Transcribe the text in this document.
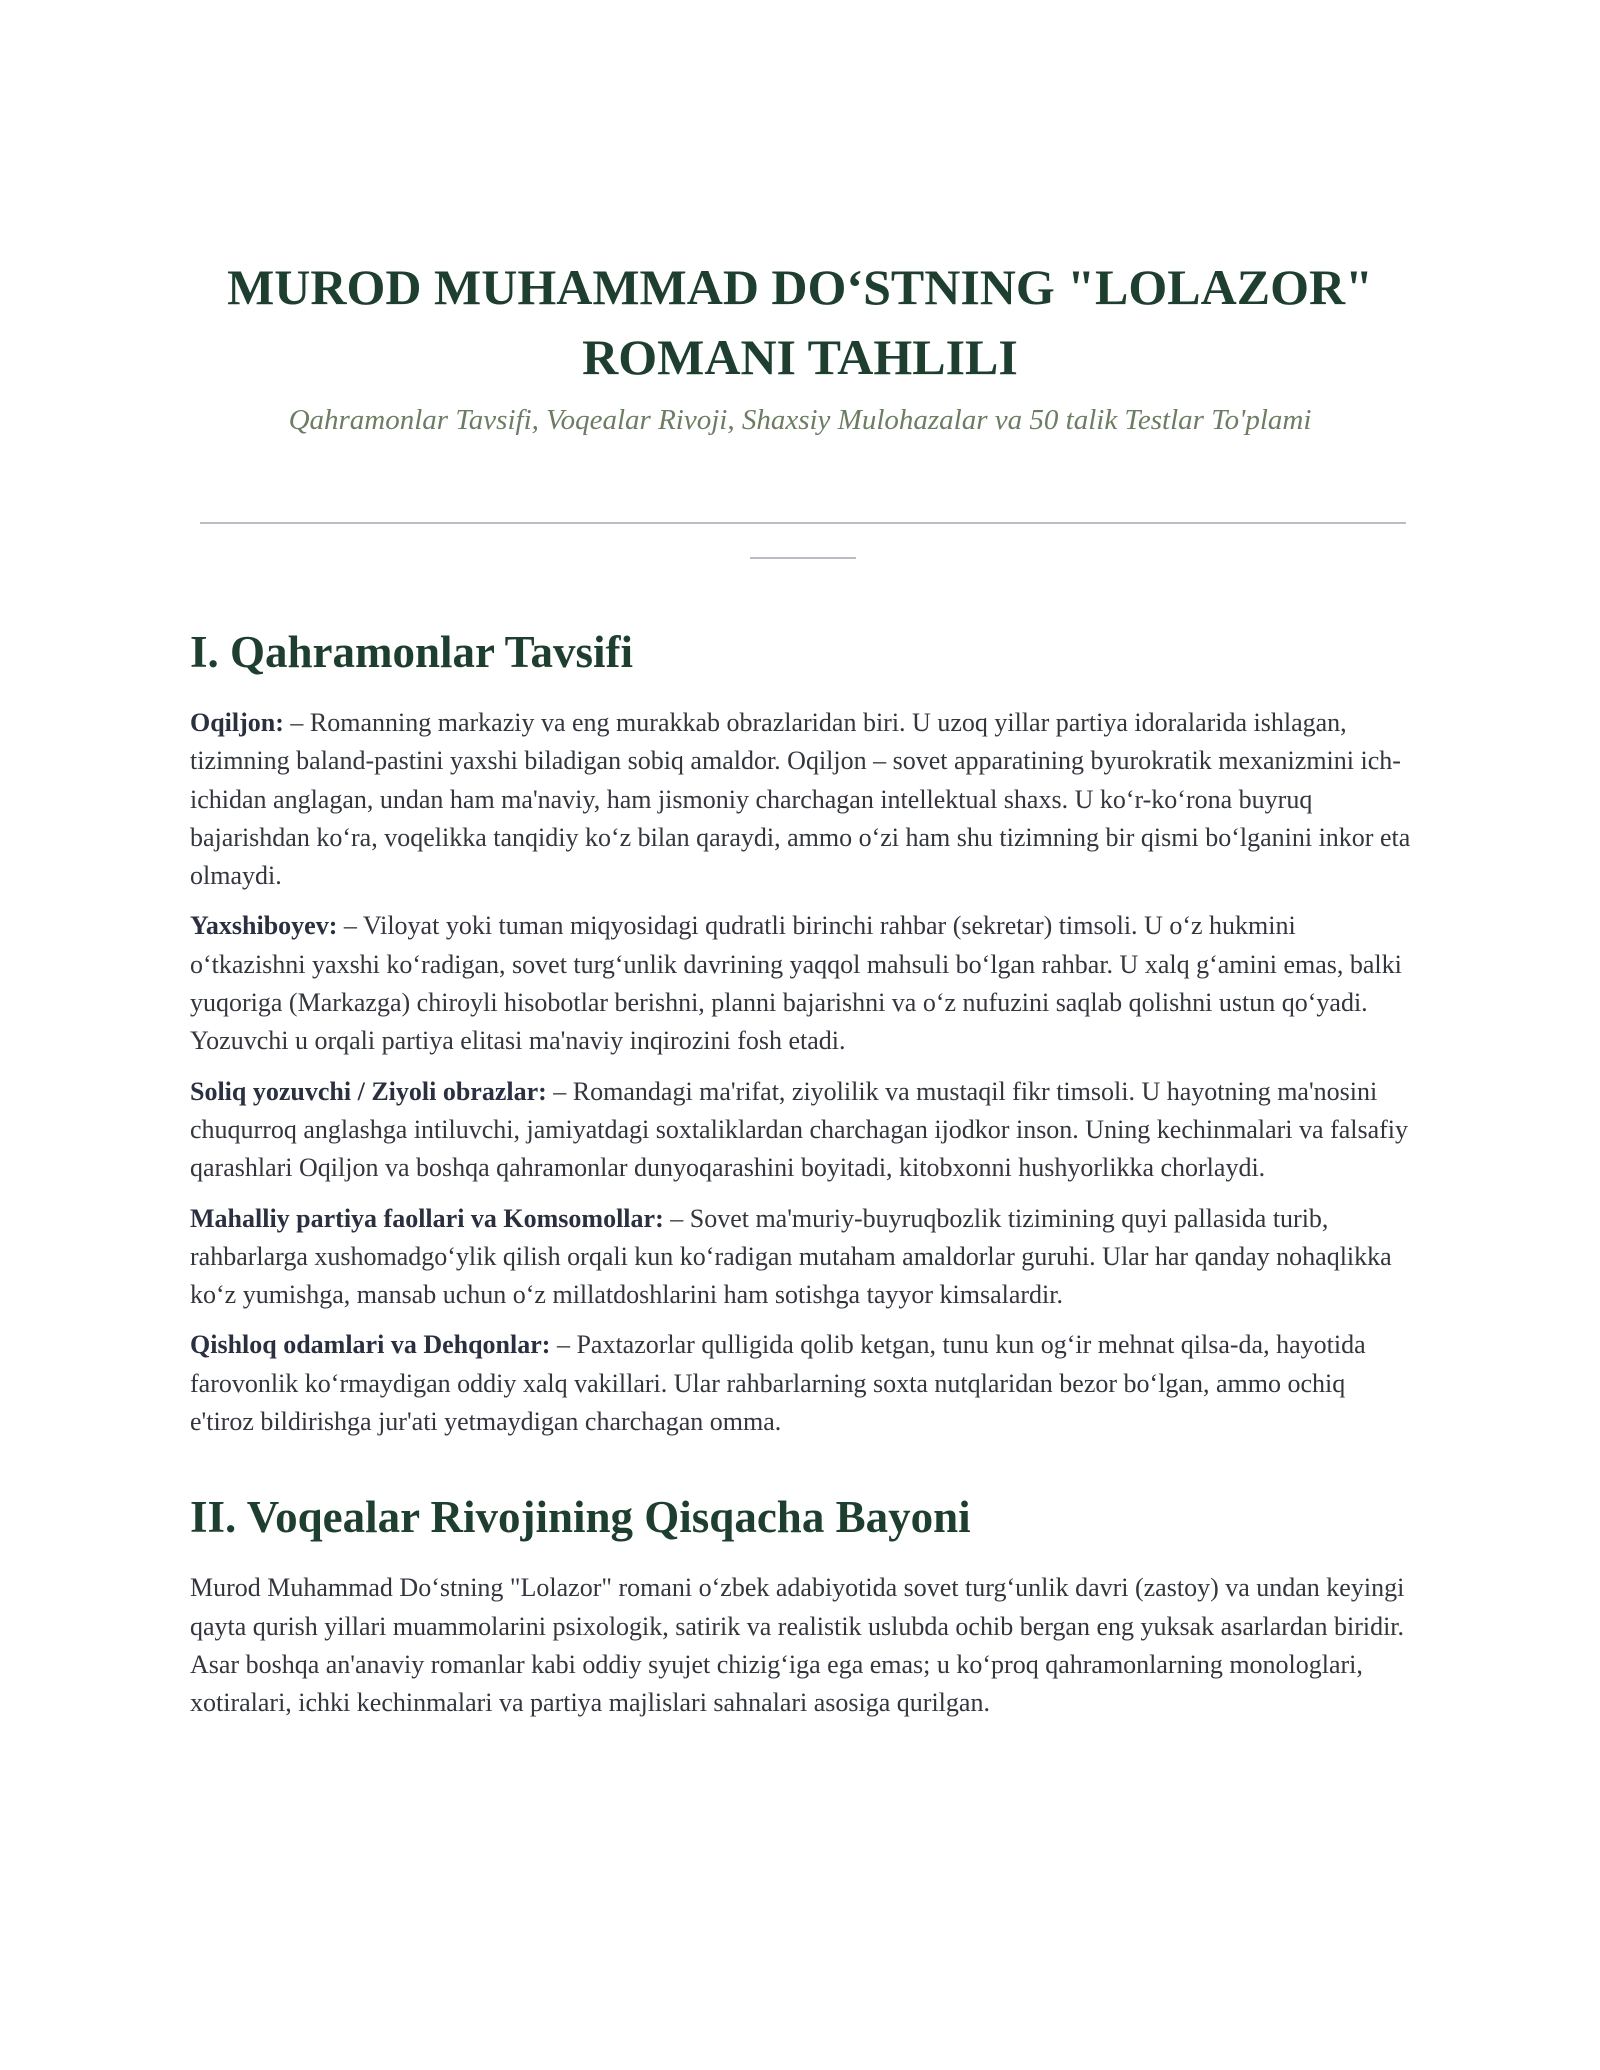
MUROD MUHAMMAD DO‘STNING "LOLAZOR" ROMANI TAHLILI

Qahramonlar Tavsifi, Voqealar Rivoji, Shaxsiy Mulohazalar va 50 talik Testlar To'plami

I. Qahramonlar Tavsifi

Oqiljon: – Romanning markaziy va eng murakkab obrazlaridan biri. U uzoq yillar partiya idoralarida ishlagan, tizimning baland-pastini yaxshi biladigan sobiq amaldor. Oqiljon – sovet apparatining byurokratik mexanizmini ich-ichidan anglagan, undan ham ma'naviy, ham jismoniy charchagan intellektual shaxs. U ko‘r-ko‘rona buyruq bajarishdan ko‘ra, voqelikka tanqidiy ko‘z bilan qaraydi, ammo o‘zi ham shu tizimning bir qismi bo‘lganini inkor eta olmaydi.

Yaxshiboyev: – Viloyat yoki tuman miqyosidagi qudratli birinchi rahbar (sekretar) timsoli. U o‘z hukmini o‘tkazishni yaxshi ko‘radigan, sovet turg‘unlik davrining yaqqol mahsuli bo‘lgan rahbar. U xalq g‘amini emas, balki yuqoriga (Markazga) chiroyli hisobotlar berishni, planni bajarishni va o‘z nufuzini saqlab qolishni ustun qo‘yadi. Yozuvchi u orqali partiya elitasi ma'naviy inqirozini fosh etadi.

Soliq yozuvchi / Ziyoli obrazlar: – Romandagi ma'rifat, ziyolilik va mustaqil fikr timsoli. U hayotning ma'nosini chuqurroq anglashga intiluvchi, jamiyatdagi soxtaliklardan charchagan ijodkor inson. Uning kechinmalari va falsafiy qarashlari Oqiljon va boshqa qahramonlar dunyoqarashini boyitadi, kitobxonni hushyorlikka chorlaydi.

Mahalliy partiya faollari va Komsomollar: – Sovet ma'muriy-buyruqbozlik tizimining quyi pallasida turib, rahbarlarga xushomadgo‘ylik qilish orqali kun ko‘radigan mutaham amaldorlar guruhi. Ular har qanday nohaqlikka ko‘z yumishga, mansab uchun o‘z millatdoshlarini ham sotishga tayyor kimsalardir.

Qishloq odamlari va Dehqonlar: – Paxtazorlar qulligida qolib ketgan, tunu kun og‘ir mehnat qilsa-da, hayotida farovonlik ko‘rmaydigan oddiy xalq vakillari. Ular rahbarlarning soxta nutqlaridan bezor bo‘lgan, ammo ochiq e'tiroz bildirishga jur'ati yetmaydigan charchagan omma.

II. Voqealar Rivojining Qisqacha Bayoni

Murod Muhammad Do‘stning "Lolazor" romani o‘zbek adabiyotida sovet turg‘unlik davri (zastoy) va undan keyingi qayta qurish yillari muammolarini psixologik, satirik va realistik uslubda ochib bergan eng yuksak asarlardan biridir. Asar boshqa an'anaviy romanlar kabi oddiy syujet chizig‘iga ega emas; u ko‘proq qahramonlarning monologlari, xotiralari, ichki kechinmalari va partiya majlislari sahnalari asosiga qurilgan.
